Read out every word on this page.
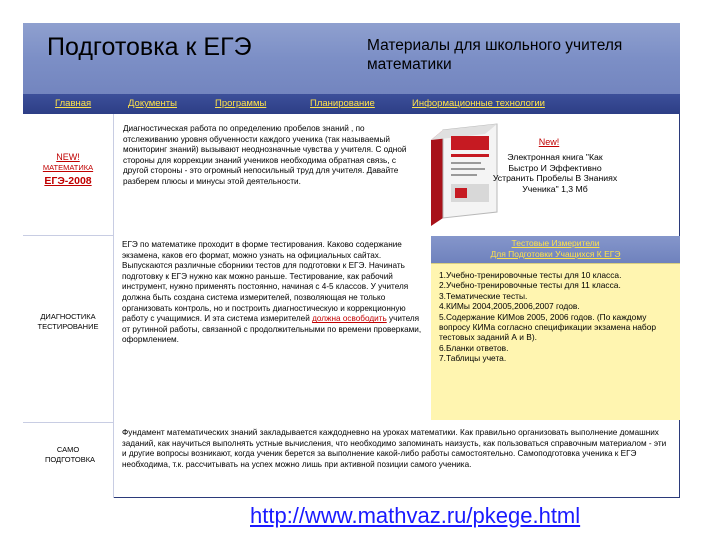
Подготовка к ЕГЭ	Материалы для школьного учителя математики
Главная	Документы	Программы	Планирование	Информационные технологии
NEW!
МАТЕМАТИКА
ЕГЭ-2008
ДИАГНОСТИКА ТЕСТИРОВАНИЕ
САМО ПОДГОТОВКА

Диагностическая работа по определению пробелов знаний , по отслеживанию уровня обученности каждого ученика (так называемый мониторинг знаний) вызывают неоднозначные чувства у учителя. С одной стороны для коррекции знаний учеников необходима обратная связь, с другой стороны - это огромный непосильный труд для учителя. Давайте разберем плюсы и минусы этой деятельности.

New!
Электронная книга "Как Быстро И Эффективно Устранить Пробелы В Знаниях Ученика" 1,3 Мб

ЕГЭ по математике проходит в форме тестирования. Каково содержание экзамена, каков его формат, можно узнать на официальных сайтах. Выпускаются различные сборники тестов для подготовки к ЕГЭ. Начинать подготовку к ЕГЭ нужно как можно раньше. Тестирование, как рабочий инструмент, нужно применять постоянно, начиная с 4-5 классов. У учителя должна быть создана система измерителей, позволяющая не только организовать контроль, но и построить диагностическую и коррекционную работу с учащимися. И эта система измерителей должна освободить учителя от рутинной работы, связанной с продолжительными по времени проверками, оформлением.

Тестовые Измерители
Для Подготовки Учащихся К ЕГЭ
1.Учебно-тренировочные тесты для 10 класса.
2.Учебно-тренировочные тесты для 11 класса.
3.Тематические тесты.
4.КИМы 2004,2005,2006,2007 годов.
5.Содержание КИМов 2005, 2006 годов. (По каждому вопросу КИМа согласно спецификации экзамена набор тестовых заданий А и В).
6.Бланки ответов.
7.Таблицы учета.

Фундамент математических знаний закладывается каждодневно на уроках математики. Как правильно организовать выполнение домашних заданий, как научиться выполнять устные вычисления, что необходимо запоминать наизусть, как пользоваться справочным материалом - эти и другие вопросы возникают, когда ученик берется за выполнение какой-либо работы самостоятельно. Самоподготовка ученика к ЕГЭ необходима, т.к. рассчитывать на успех можно лишь при активной позиции самого ученика.

http://www.mathvaz.ru/pkege.html
